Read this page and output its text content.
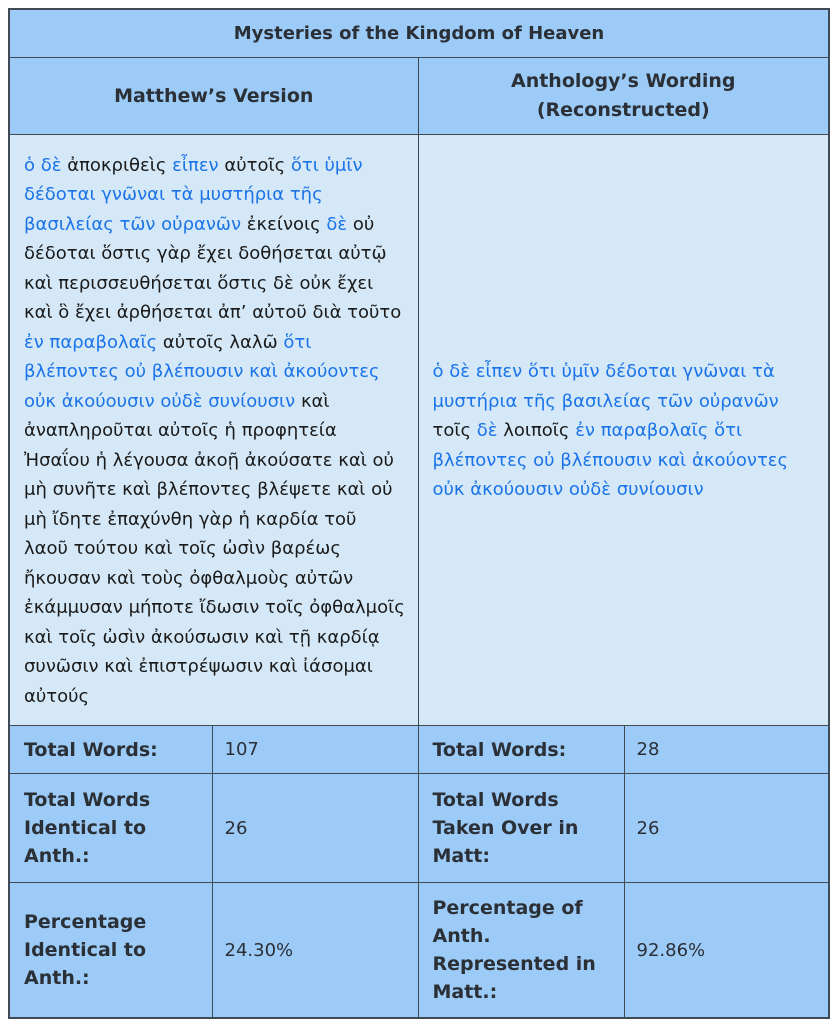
Mysteries of the Kingdom of Heaven			
Matthew’s Version		Anthology’s Wording (Reconstructed)	
ὁ δὲ ἀποκριθεὶς εἶπεν αὐτοῖς ὅτι ὑμῖν δέδοται γνῶναι τὰ μυστήρια τῆς βασιλείας τῶν οὐρανῶν ἐκείνοις δὲ οὐ δέδοται ὅστις γὰρ ἔχει δοθήσεται αὐτῷ καὶ περισσευθήσεται ὅστις δὲ οὐκ ἔχει καὶ ὃ ἔχει ἀρθήσεται ἀπ’ αὐτοῦ διὰ τοῦτο ἐν παραβολαῖς αὐτοῖς λαλῶ ὅτι βλέποντες οὐ βλέπουσιν καὶ ἀκούοντες οὐκ ἀκούουσιν οὐδὲ συνίουσιν καὶ ἀναπληροῦται αὐτοῖς ἡ προφητεία Ἠσαΐου ἡ λέγουσα ἀκοῇ ἀκούσατε καὶ οὐ μὴ συνῆτε καὶ βλέποντες βλέψετε καὶ οὐ μὴ ἴδητε ἐπαχύνθη γὰρ ἡ καρδία τοῦ λαοῦ τούτου καὶ τοῖς ὠσὶν βαρέως ἤκουσαν καὶ τοὺς ὀφθαλμοὺς αὐτῶν ἐκάμμυσαν μήποτε ἴδωσιν τοῖς ὀφθαλμοῖς καὶ τοῖς ὠσὶν ἀκούσωσιν καὶ τῇ καρδίᾳ συνῶσιν καὶ ἐπιστρέψωσιν καὶ ἰάσομαι αὐτούς		ὁ δὲ εἶπεν ὅτι ὑμῖν δέδοται γνῶναι τὰ μυστήρια τῆς βασιλείας τῶν οὐρανῶν τοῖς δὲ λοιποῖς ἐν παραβολαῖς ὅτι βλέποντες οὐ βλέπουσιν καὶ ἀκούοντες οὐκ ἀκούουσιν οὐδὲ συνίουσιν	
Total Words:	107	Total Words:	28
Total Words Identical to Anth.:	26	Total Words Taken Over in Matt:	26
Percentage Identical to Anth.:	24.30%	Percentage of Anth. Represented in Matt.:	92.86%
